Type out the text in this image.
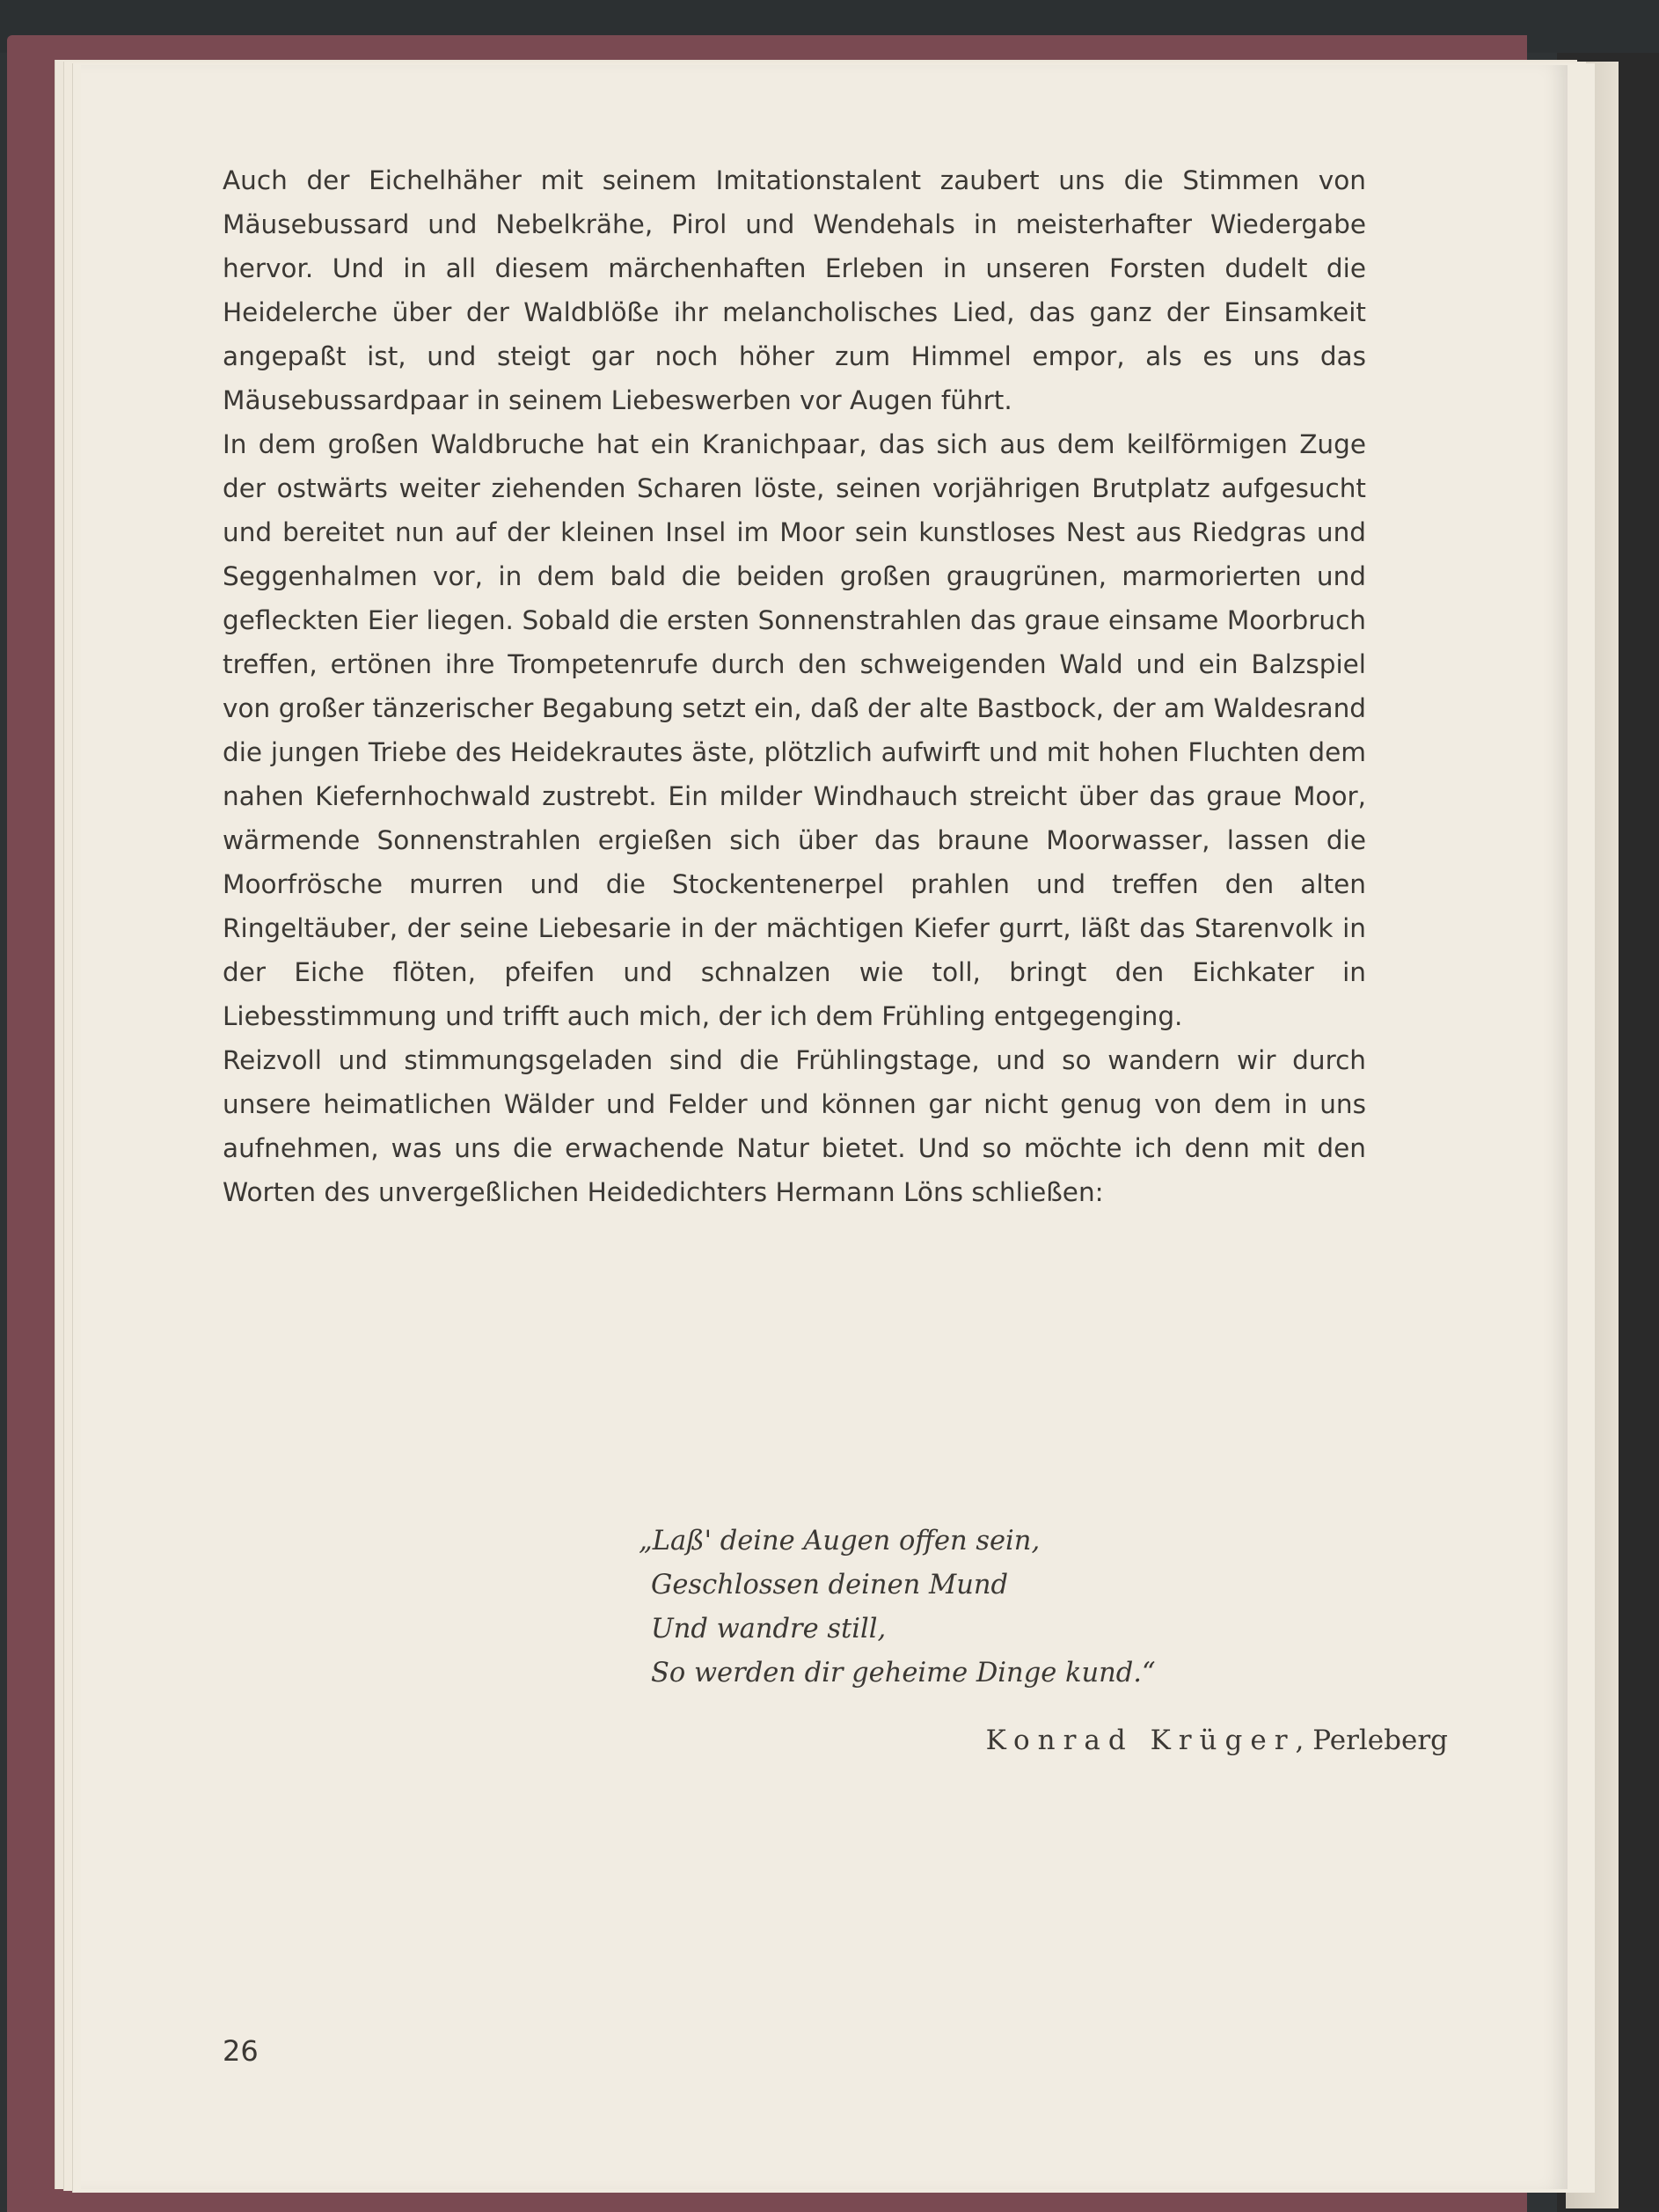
Auch der Eichelhäher mit seinem Imitationstalent zaubert uns die Stimmen von Mäusebussard und Nebelkrähe, Pirol und Wendehals in meisterhafter Wiedergabe hervor. Und in all diesem märchenhaften Erleben in unseren Forsten dudelt die Heidelerche über der Waldblöße ihr melancholisches Lied, das ganz der Einsamkeit angepaßt ist, und steigt gar noch höher zum Himmel empor, als es uns das Mäusebussardpaar in seinem Liebeswerben vor Augen führt.

In dem großen Waldbruche hat ein Kranichpaar, das sich aus dem keilförmigen Zuge der ostwärts weiter ziehenden Scharen löste, seinen vorjährigen Brutplatz aufgesucht und bereitet nun auf der kleinen Insel im Moor sein kunstloses Nest aus Riedgras und Seggenhalmen vor, in dem bald die beiden großen graugrünen, marmorierten und gefleckten Eier liegen. Sobald die ersten Sonnenstrahlen das graue einsame Moorbruch treffen, ertönen ihre Trompetenrufe durch den schweigenden Wald und ein Balzspiel von großer tänzerischer Begabung setzt ein, daß der alte Bastbock, der am Waldesrand die jungen Triebe des Heidekrautes äste, plötzlich aufwirft und mit hohen Fluchten dem nahen Kiefernhochwald zustrebt. Ein milder Windhauch streicht über das graue Moor, wärmende Sonnenstrahlen ergießen sich über das braune Moorwasser, lassen die Moorfrösche murren und die Stockentenerpel prahlen und treffen den alten Ringeltäuber, der seine Liebesarie in der mächtigen Kiefer gurrt, läßt das Starenvolk in der Eiche flöten, pfeifen und schnalzen wie toll, bringt den Eichkater in Liebesstimmung und trifft auch mich, der ich dem Frühling entgegenging.

Reizvoll und stimmungsgeladen sind die Frühlingstage, und so wandern wir durch unsere heimatlichen Wälder und Felder und können gar nicht genug von dem in uns aufnehmen, was uns die erwachende Natur bietet. Und so möchte ich denn mit den Worten des unvergeßlichen Heidedichters Hermann Löns schließen:

„Laß' deine Augen offen sein,
Geschlossen deinen Mund
Und wandre still,
So werden dir geheime Dinge kund.“
Konrad Krüger, Perleberg
26
